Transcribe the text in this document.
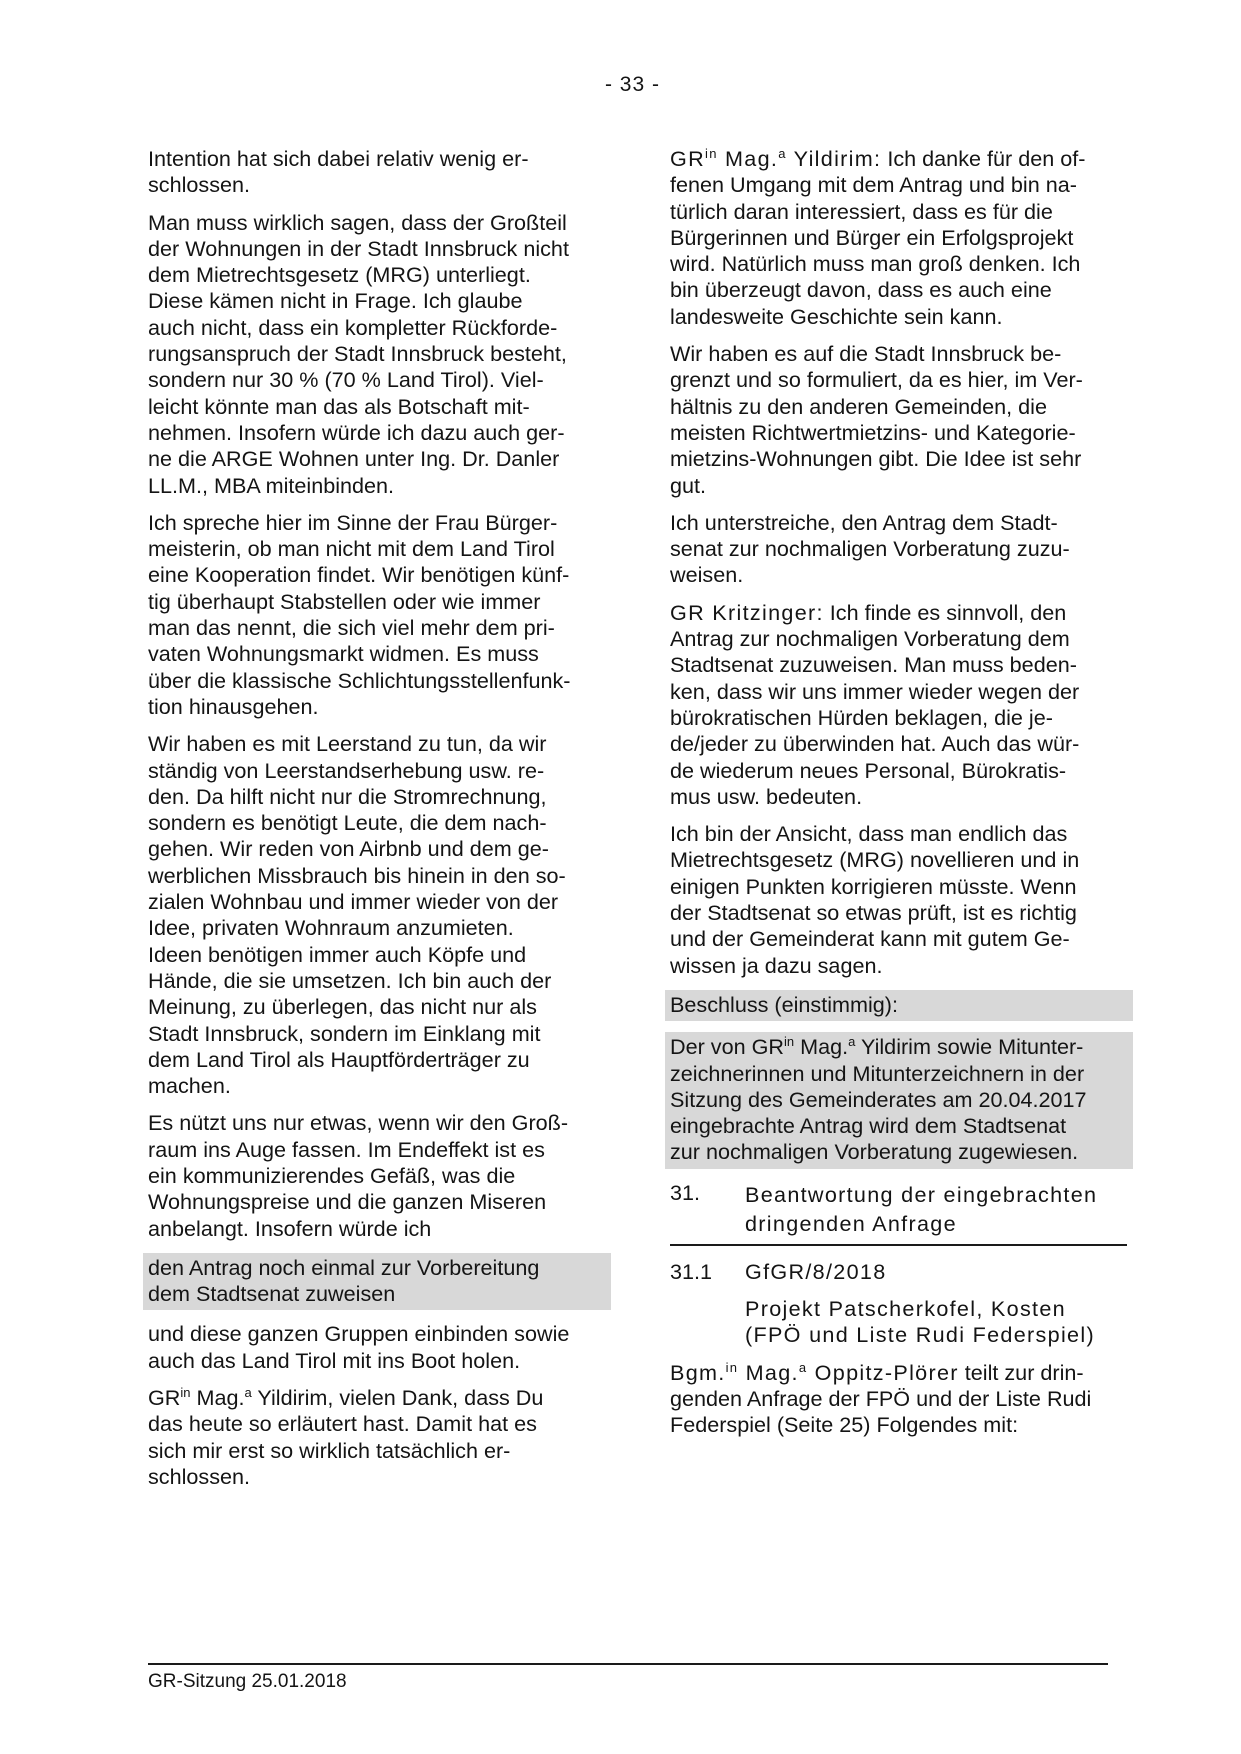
- 33 -
Intention hat sich dabei relativ wenig er-
schlossen.
Man muss wirklich sagen, dass der Großteil
der Wohnungen in der Stadt Innsbruck nicht
dem Mietrechtsgesetz (MRG) unterliegt.
Diese kämen nicht in Frage. Ich glaube
auch nicht, dass ein kompletter Rückforde-
rungsanspruch der Stadt Innsbruck besteht,
sondern nur 30 % (70 % Land Tirol). Viel-
leicht könnte man das als Botschaft mit-
nehmen. Insofern würde ich dazu auch ger-
ne die ARGE Wohnen unter Ing. Dr. Danler
LL.M., MBA miteinbinden.
Ich spreche hier im Sinne der Frau Bürger-
meisterin, ob man nicht mit dem Land Tirol
eine Kooperation findet. Wir benötigen künf-
tig überhaupt Stabstellen oder wie immer
man das nennt, die sich viel mehr dem pri-
vaten Wohnungsmarkt widmen. Es muss
über die klassische Schlichtungsstellenfunk-
tion hinausgehen.
Wir haben es mit Leerstand zu tun, da wir
ständig von Leerstandserhebung usw. re-
den. Da hilft nicht nur die Stromrechnung,
sondern es benötigt Leute, die dem nach-
gehen. Wir reden von Airbnb und dem ge-
werblichen Missbrauch bis hinein in den so-
zialen Wohnbau und immer wieder von der
Idee, privaten Wohnraum anzumieten.
Ideen benötigen immer auch Köpfe und
Hände, die sie umsetzen. Ich bin auch der
Meinung, zu überlegen, das nicht nur als
Stadt Innsbruck, sondern im Einklang mit
dem Land Tirol als Hauptförderträger zu
machen.
Es nützt uns nur etwas, wenn wir den Groß-
raum ins Auge fassen. Im Endeffekt ist es
ein kommunizierendes Gefäß, was die
Wohnungspreise und die ganzen Miseren
anbelangt. Insofern würde ich
den Antrag noch einmal zur Vorbereitung
dem Stadtsenat zuweisen
und diese ganzen Gruppen einbinden sowie
auch das Land Tirol mit ins Boot holen.
$GR^{in}$ Mag.$^a$ Yildirim, vielen Dank, dass Du
das heute so erläutert hast. Damit hat es
sich mir erst so wirklich tatsächlich er-
schlossen.
$GR^{in}$ Mag.$^a$ Yildirim: Ich danke für den of-
fenen Umgang mit dem Antrag und bin na-
türlich daran interessiert, dass es für die
Bürgerinnen und Bürger ein Erfolgsprojekt
wird. Natürlich muss man groß denken. Ich
bin überzeugt davon, dass es auch eine
landesweite Geschichte sein kann.
Wir haben es auf die Stadt Innsbruck be-
grenzt und so formuliert, da es hier, im Ver-
hältnis zu den anderen Gemeinden, die
meisten Richtwertmietzins- und Kategorie-
mietzins-Wohnungen gibt. Die Idee ist sehr
gut.
Ich unterstreiche, den Antrag dem Stadt-
senat zur nochmaligen Vorberatung zuzu-
weisen.
GR Kritzinger: Ich finde es sinnvoll, den
Antrag zur nochmaligen Vorberatung dem
Stadtsenat zuzuweisen. Man muss beden-
ken, dass wir uns immer wieder wegen der
bürokratischen Hürden beklagen, die je-
de/jeder zu überwinden hat. Auch das wür-
de wiederum neues Personal, Bürokratis-
mus usw. bedeuten.
Ich bin der Ansicht, dass man endlich das
Mietrechtsgesetz (MRG) novellieren und in
einigen Punkten korrigieren müsste. Wenn
der Stadtsenat so etwas prüft, ist es richtig
und der Gemeinderat kann mit gutem Ge-
wissen ja dazu sagen.
Beschluss (einstimmig):
Der von $GR^{in}$ Mag.$^a$ Yildirim sowie Mitunter-
zeichnerinnen und Mitunterzeichnern in der
Sitzung des Gemeinderates am 20.04.2017
eingebrachte Antrag wird dem Stadtsenat
zur nochmaligen Vorberatung zugewiesen.
31.	Beantwortung der eingebrachten
dringenden Anfrage
31.1	GfGR/8/2018
Projekt Patscherkofel, Kosten
(FPÖ und Liste Rudi Federspiel)
Bgm.$^{in}$ Mag.$^a$ Oppitz-Plörer teilt zur drin-
genden Anfrage der FPÖ und der Liste Rudi
Federspiel (Seite 25) Folgendes mit:
GR-Sitzung 25.01.2018
